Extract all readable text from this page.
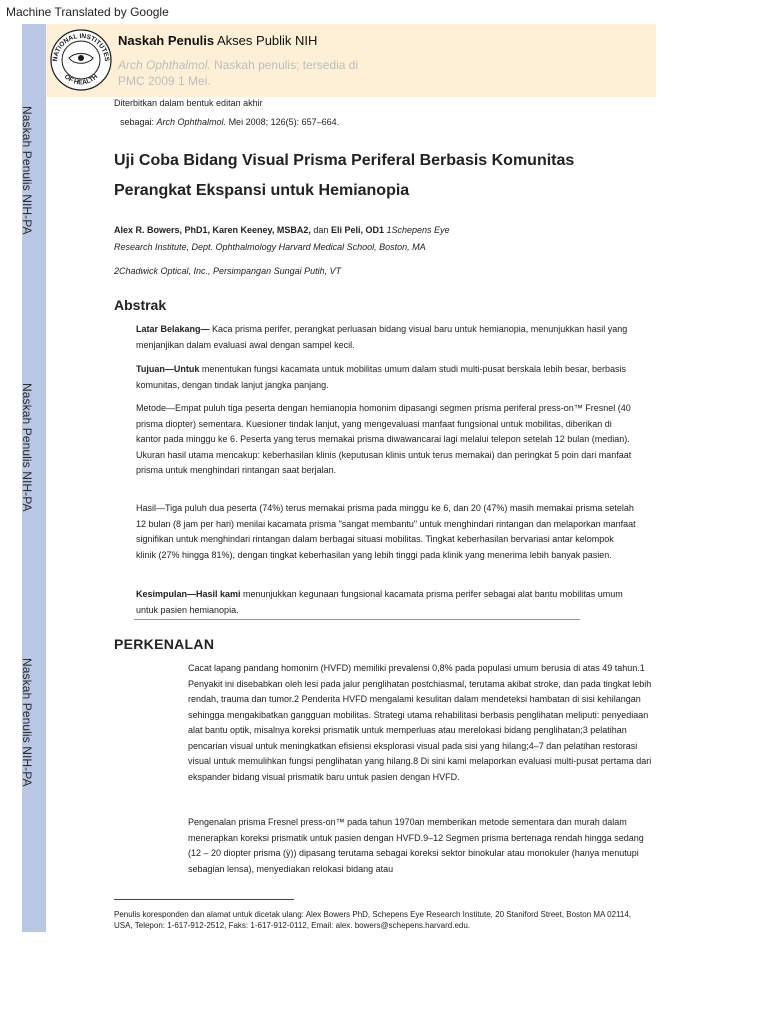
Machine Translated by Google
Naskah Penulis NIH-PA
Naskah Penulis NIH-PA
Naskah Penulis NIH-PA
NATIONAL INSTITUTES
OF HEALTH
Naskah Penulis Akses Publik NIH
Arch Ophthalmol. Naskah penulis; tersedia di PMC 2009 1 Mei.
Diterbitkan dalam bentuk editan akhir
sebagai: Arch Ophthalmol. Mei 2008; 126(5): 657–664.
Uji Coba Bidang Visual Prisma Periferal Berbasis Komunitas
Perangkat Ekspansi untuk Hemianopia
Alex R. Bowers, PhD1, Karen Keeney, MSBA2, dan Eli Peli, OD1 1Schepens Eye
Research Institute, Dept. Ophthalmology Harvard Medical School, Boston, MA
2Chadwick Optical, Inc., Persimpangan Sungai Putih, VT
Abstrak
Latar Belakang— Kaca prisma perifer, perangkat perluasan bidang visual baru untuk hemianopia, menunjukkan hasil yang menjanjikan dalam evaluasi awal dengan sampel kecil.
Tujuan—Untuk menentukan fungsi kacamata untuk mobilitas umum dalam studi multi-pusat berskala lebih besar, berbasis komunitas, dengan tindak lanjut jangka panjang.
Metode—Empat puluh tiga peserta dengan hemianopia homonim dipasangi segmen prisma periferal press-on™ Fresnel (40 prisma diopter) sementara. Kuesioner tindak lanjut, yang mengevaluasi manfaat fungsional untuk mobilitas, diberikan di kantor pada minggu ke 6. Peserta yang terus memakai prisma diwawancarai lagi melalui telepon setelah 12 bulan (median). Ukuran hasil utama mencakup: keberhasilan klinis (keputusan klinis untuk terus memakai) dan peringkat 5 poin dari manfaat prisma untuk menghindari rintangan saat berjalan.
Hasil—Tiga puluh dua peserta (74%) terus memakai prisma pada minggu ke 6, dan 20 (47%) masih memakai prisma setelah 12 bulan (8 jam per hari) menilai kacamata prisma "sangat membantu" untuk menghindari rintangan dan melaporkan manfaat signifikan untuk menghindari rintangan dalam berbagai situasi mobilitas. Tingkat keberhasilan bervariasi antar kelompok klinik (27% hingga 81%), dengan tingkat keberhasilan yang lebih tinggi pada klinik yang menerima lebih banyak pasien.
Kesimpulan—Hasil kami menunjukkan kegunaan fungsional kacamata prisma perifer sebagai alat bantu mobilitas umum untuk pasien hemianopia.
PERKENALAN
Cacat lapang pandang homonim (HVFD) memiliki prevalensi 0,8% pada populasi umum berusia di atas 49 tahun.1 Penyakit ini disebabkan oleh lesi pada jalur penglihatan postchiasmal, terutama akibat stroke, dan pada tingkat lebih rendah, trauma dan tumor.2 Penderita HVFD mengalami kesulitan dalam mendeteksi hambatan di sisi kehilangan sehingga mengakibatkan gangguan mobilitas. Strategi utama rehabilitasi berbasis penglihatan meliputi: penyediaan alat bantu optik, misalnya koreksi prismatik untuk memperluas atau merelokasi bidang penglihatan;3 pelatihan pencarian visual untuk meningkatkan efisiensi eksplorasi visual pada sisi yang hilang;4–7 dan pelatihan restorasi visual untuk memulihkan fungsi penglihatan yang hilang.8 Di sini kami melaporkan evaluasi multi-pusat pertama dari ekspander bidang visual prismatik baru untuk pasien dengan HVFD.
Pengenalan prisma Fresnel press-on™ pada tahun 1970an memberikan metode sementara dan murah dalam menerapkan koreksi prismatik untuk pasien dengan HVFD.9–12 Segmen prisma bertenaga rendah hingga sedang (12 – 20 diopter prisma (ÿ)) dipasang terutama sebagai koreksi sektor binokular atau monokuler (hanya menutupi sebagian lensa), menyediakan relokasi bidang atau
Penulis koresponden dan alamat untuk dicetak ulang: Alex Bowers PhD, Schepens Eye Research Institute, 20 Staniford Street, Boston MA 02114, USA, Telepon: 1-617-912-2512, Faks: 1-617-912-0112, Email: alex. bowers@schepens.harvard.edu.
